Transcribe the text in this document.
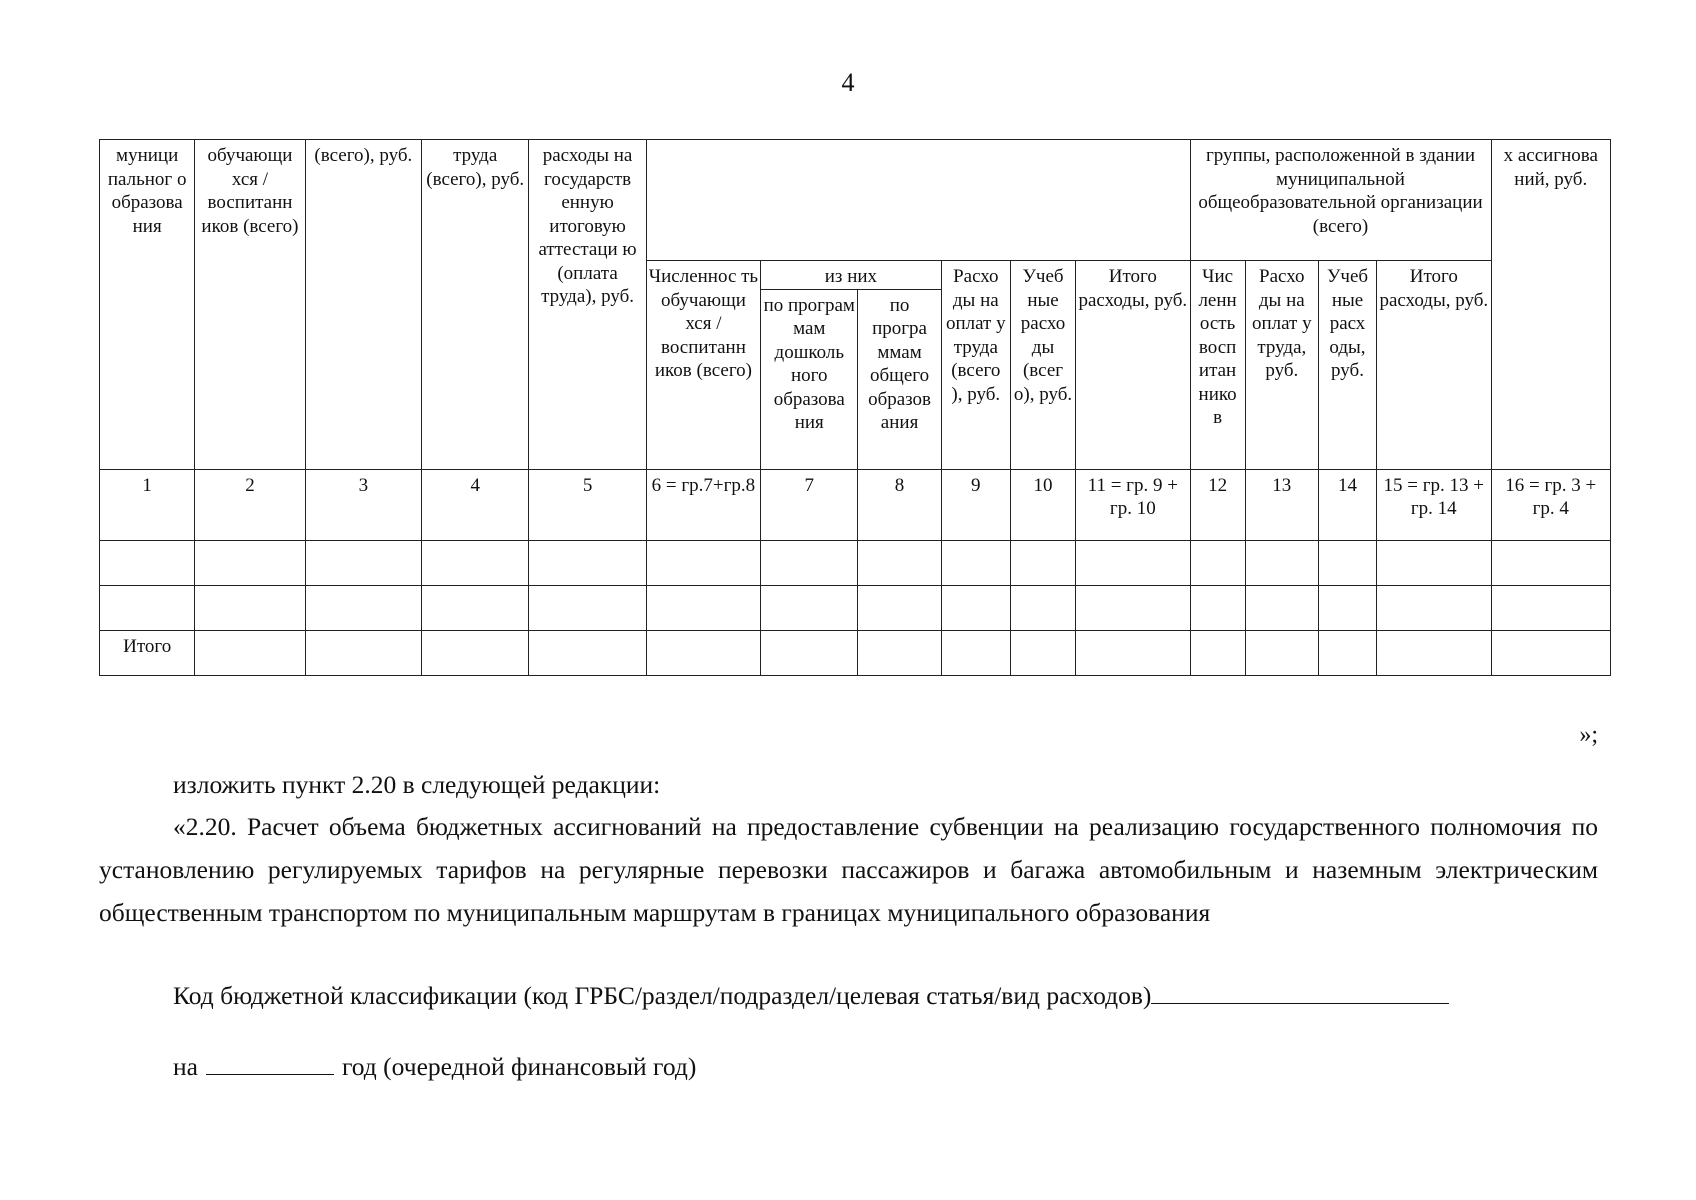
4
муници пальног о образова ния	обучающи хся / воспитанн иков (всего)	(всего), руб.	труда (всего), руб.	расходы на государств енную итоговую аттестаци ю (оплата труда), руб.							группы, расположенной в здании муниципальной общеобразовательной организации (всего)				х ассигнова ний, руб.
					Численнос ть обучающи хся / воспитанн иков (всего)	из них		Расхо ды на оплат у труда (всего ), руб.	Учеб ные расхо ды (всег о), руб.	Итого расходы, руб.	Чис ленн ость восп итан нико в	Расхо ды на оплат у труда, руб.	Учеб ные расх оды, руб.	Итого расходы, руб.	
						по програм мам дошколь ного образова ния	по програ ммам общего образов ания								
1	2	3	4	5	6 = гр.7+гр.8	7	8	9	10	11 = гр. 9 + гр. 10	12	13	14	15 = гр. 13 + гр. 14	16 = гр. 3 + гр. 4

Итого															
»;

изложить пункт 2.20 в следующей редакции:

«2.20. Расчет объема бюджетных ассигнований на предоставление субвенции на реализацию государственного полномочия по установлению регулируемых тарифов на регулярные перевозки пассажиров и багажа автомобильным и наземным электрическим общественным транспортом по муниципальным маршрутам в границах муниципального образования

Код бюджетной классификации (код ГРБС/раздел/подраздел/целевая статья/вид расходов)

на	год (очередной финансовый год)
